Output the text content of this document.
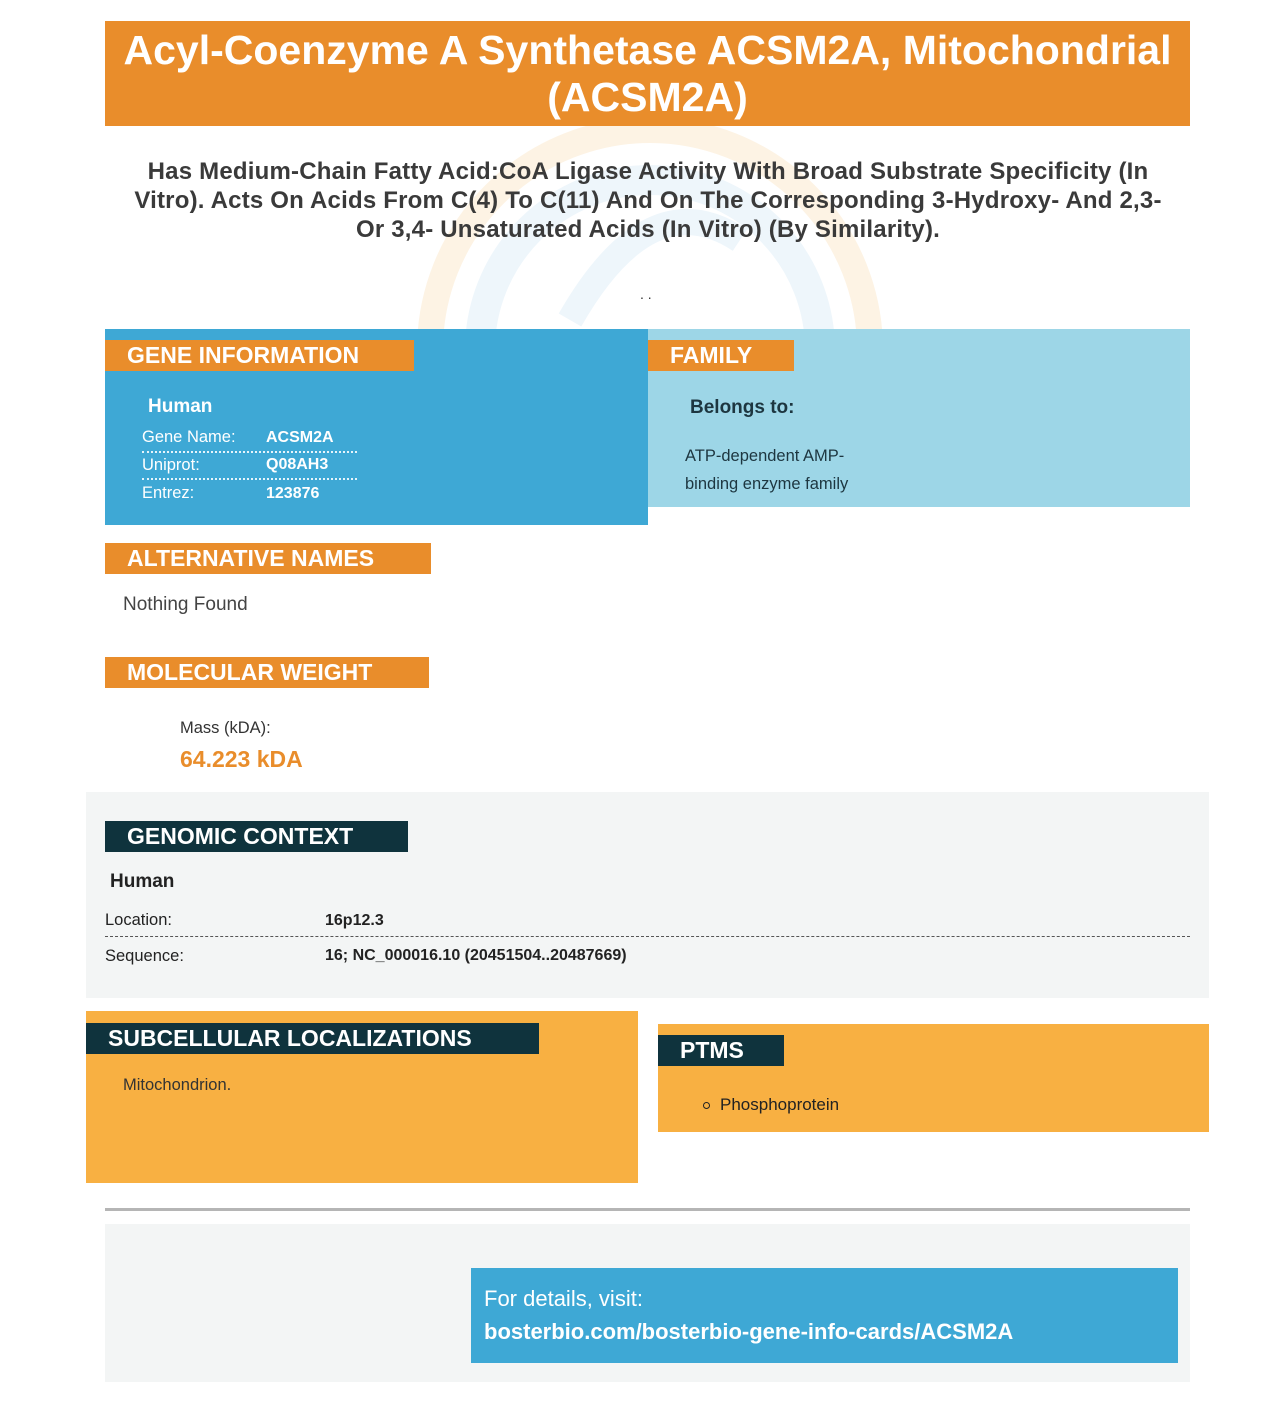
Acyl-Coenzyme A Synthetase ACSM2A, Mitochondrial (ACSM2A)
Has Medium-Chain Fatty Acid:CoA Ligase Activity With Broad Substrate Specificity (In Vitro). Acts On Acids From C(4) To C(11) And On The Corresponding 3-Hydroxy- And 2,3- Or 3,4- Unsaturated Acids (In Vitro) (By Similarity).
. .
GENE INFORMATION
Human
Gene Name:	ACSM2A
Uniprot:	Q08AH3
Entrez:	123876
FAMILY
Belongs to:
ATP-dependent AMP-binding enzyme family
ALTERNATIVE NAMES
Nothing Found
MOLECULAR WEIGHT
Mass (kDA):
64.223 kDA
GENOMIC CONTEXT
Human
Location:	16p12.3
Sequence:	16; NC_000016.10 (20451504..20487669)
SUBCELLULAR LOCALIZATIONS
Mitochondrion.
PTMS
Phosphoprotein
For details, visit:
bosterbio.com/bosterbio-gene-info-cards/ACSM2A
